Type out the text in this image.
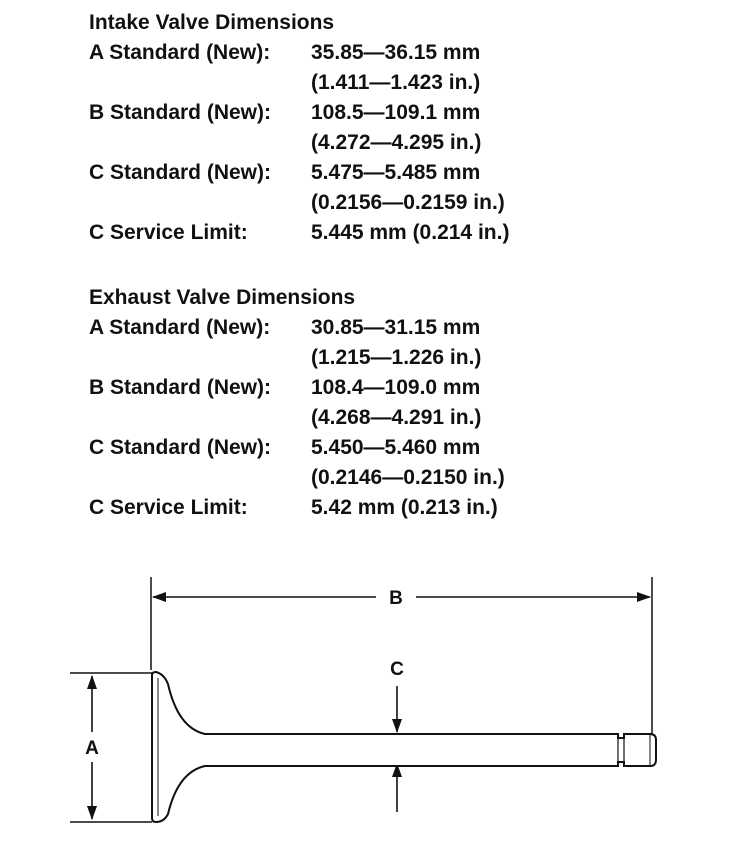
Intake Valve Dimensions
A Standard (New): 35.85—36.15 mm
(1.411—1.423 in.)
B Standard (New): 108.5—109.1 mm
(4.272—4.295 in.)
C Standard (New): 5.475—5.485 mm
(0.2156—0.2159 in.)
C Service Limit:	5.445 mm (0.214 in.)
Exhaust Valve Dimensions
A Standard (New): 30.85—31.15 mm
(1.215—1.226 in.)
B Standard (New): 108.4—109.0 mm
(4.268—4.291 in.)
C Standard (New): 5.450—5.460 mm
(0.2146—0.2150 in.)
C Service Limit:	5.42 mm (0.213 in.)
B
A
C
